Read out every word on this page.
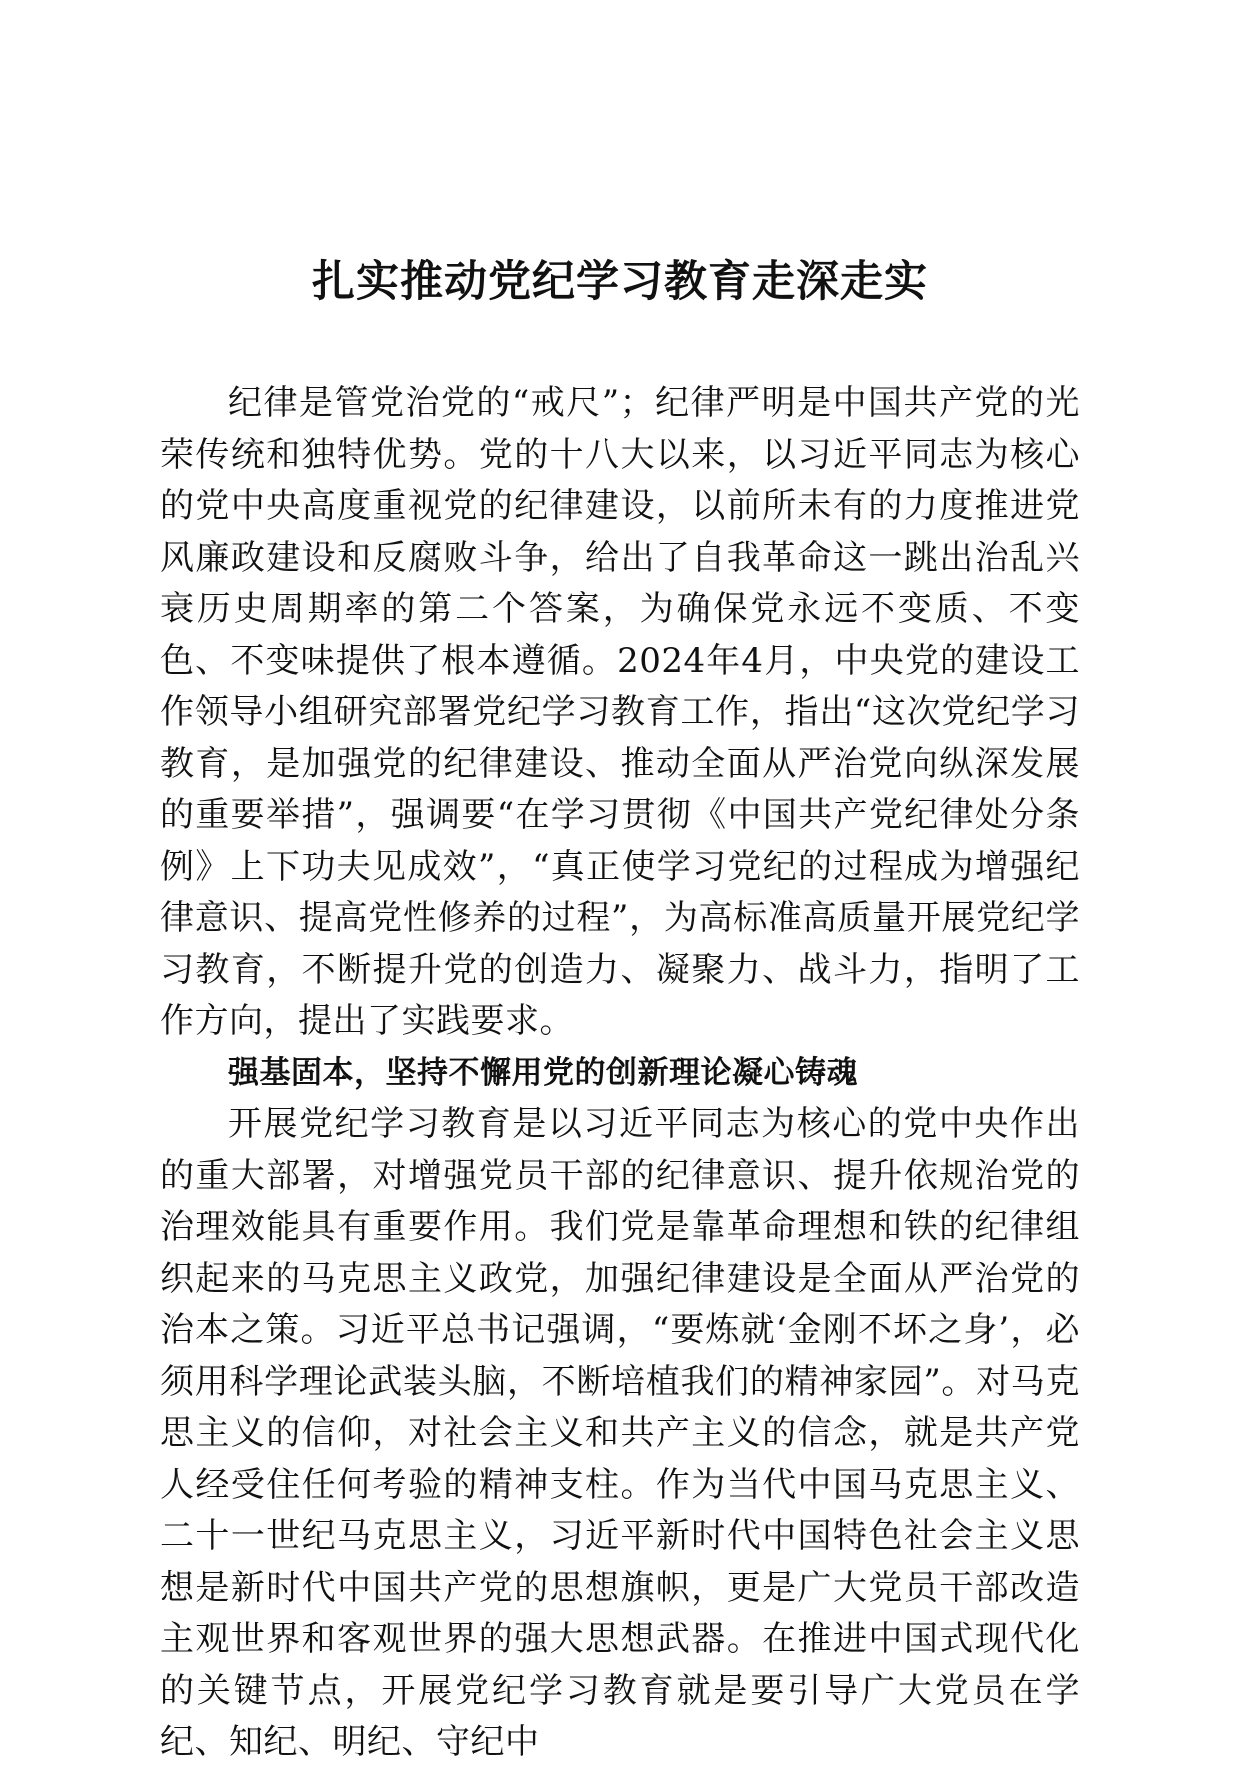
扎实推动党纪学习教育走深走实

纪律是管党治党的“戒尺”；纪律严明是中国共产党的光荣传统和独特优势。党的十八大以来，以习近平同志为核心的党中央高度重视党的纪律建设，以前所未有的力度推进党风廉政建设和反腐败斗争，给出了自我革命这一跳出治乱兴衰历史周期率的第二个答案，为确保党永远不变质、不变色、不变味提供了根本遵循。2024年4月，中央党的建设工作领导小组研究部署党纪学习教育工作，指出“这次党纪学习教育，是加强党的纪律建设、推动全面从严治党向纵深发展的重要举措”，强调要“在学习贯彻《中国共产党纪律处分条例》上下功夫见成效”，“真正使学习党纪的过程成为增强纪律意识、提高党性修养的过程”，为高标准高质量开展党纪学习教育，不断提升党的创造力、凝聚力、战斗力，指明了工作方向，提出了实践要求。

强基固本，坚持不懈用党的创新理论凝心铸魂

开展党纪学习教育是以习近平同志为核心的党中央作出的重大部署，对增强党员干部的纪律意识、提升依规治党的治理效能具有重要作用。我们党是靠革命理想和铁的纪律组织起来的马克思主义政党，加强纪律建设是全面从严治党的治本之策。习近平总书记强调，“要炼就‘金刚不坏之身’，必须用科学理论武装头脑，不断培植我们的精神家园”。对马克思主义的信仰，对社会主义和共产主义的信念，就是共产党人经受住任何考验的精神支柱。作为当代中国马克思主义、二十一世纪马克思主义，习近平新时代中国特色社会主义思想是新时代中国共产党的思想旗帜，更是广大党员干部改造主观世界和客观世界的强大思想武器。在推进中国式现代化的关键节点，开展党纪学习教育就是要引导广大党员在学纪、知纪、明纪、守纪中
